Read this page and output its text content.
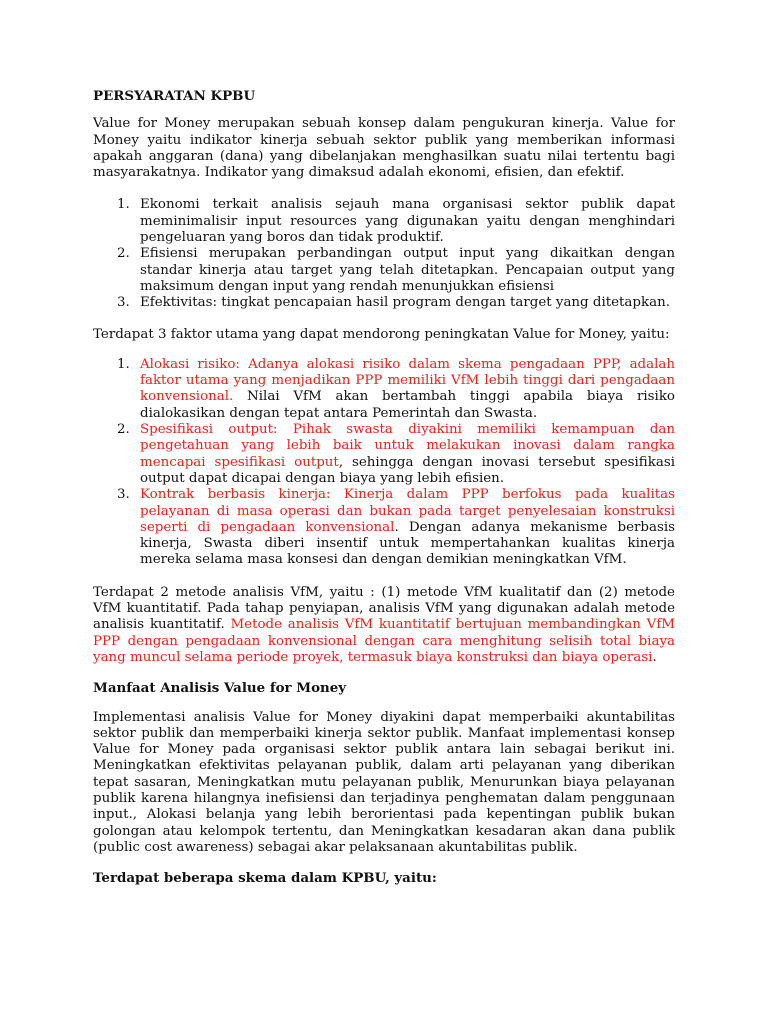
PERSYARATAN KPBU

Value for Money merupakan sebuah konsep dalam pengukuran kinerja. Value for Money yaitu indikator kinerja sebuah sektor publik yang memberikan informasi apakah anggaran (dana) yang dibelanjakan menghasilkan suatu nilai tertentu bagi masyarakatnya. Indikator yang dimaksud adalah ekonomi, efisien, dan efektif.

1. Ekonomi terkait analisis sejauh mana organisasi sektor publik dapat meminimalisir input resources yang digunakan yaitu dengan menghindari pengeluaran yang boros dan tidak produktif.
2. Efisiensi merupakan perbandingan output input yang dikaitkan dengan standar kinerja atau target yang telah ditetapkan. Pencapaian output yang maksimum dengan input yang rendah menunjukkan efisiensi
3. Efektivitas: tingkat pencapaian hasil program dengan target yang ditetapkan.

Terdapat 3 faktor utama yang dapat mendorong peningkatan Value for Money, yaitu:

1. Alokasi risiko: Adanya alokasi risiko dalam skema pengadaan PPP, adalah faktor utama yang menjadikan PPP memiliki VfM lebih tinggi dari pengadaan konvensional. Nilai VfM akan bertambah tinggi apabila biaya risiko dialokasikan dengan tepat antara Pemerintah dan Swasta.
2. Spesifikasi output: Pihak swasta diyakini memiliki kemampuan dan pengetahuan yang lebih baik untuk melakukan inovasi dalam rangka mencapai spesifikasi output, sehingga dengan inovasi tersebut spesifikasi output dapat dicapai dengan biaya yang lebih efisien.
3. Kontrak berbasis kinerja: Kinerja dalam PPP berfokus pada kualitas pelayanan di masa operasi dan bukan pada target penyelesaian konstruksi seperti di pengadaan konvensional. Dengan adanya mekanisme berbasis kinerja, Swasta diberi insentif untuk mempertahankan kualitas kinerja mereka selama masa konsesi dan dengan demikian meningkatkan VfM.

Terdapat 2 metode analisis VfM, yaitu : (1) metode VfM kualitatif dan (2) metode VfM kuantitatif. Pada tahap penyiapan, analisis VfM yang digunakan adalah metode analisis kuantitatif. Metode analisis VfM kuantitatif bertujuan membandingkan VfM PPP dengan pengadaan konvensional dengan cara menghitung selisih total biaya yang muncul selama periode proyek, termasuk biaya konstruksi dan biaya operasi.

Manfaat Analisis Value for Money

Implementasi analisis Value for Money diyakini dapat memperbaiki akuntabilitas sektor publik dan memperbaiki kinerja sektor publik. Manfaat implementasi konsep Value for Money pada organisasi sektor publik antara lain sebagai berikut ini. Meningkatkan efektivitas pelayanan publik, dalam arti pelayanan yang diberikan tepat sasaran, Meningkatkan mutu pelayanan publik, Menurunkan biaya pelayanan publik karena hilangnya inefisiensi dan terjadinya penghematan dalam penggunaan input., Alokasi belanja yang lebih berorientasi pada kepentingan publik bukan golongan atau kelompok tertentu, dan Meningkatkan kesadaran akan dana publik (public cost awareness) sebagai akar pelaksanaan akuntabilitas publik.

Terdapat beberapa skema dalam KPBU, yaitu:
